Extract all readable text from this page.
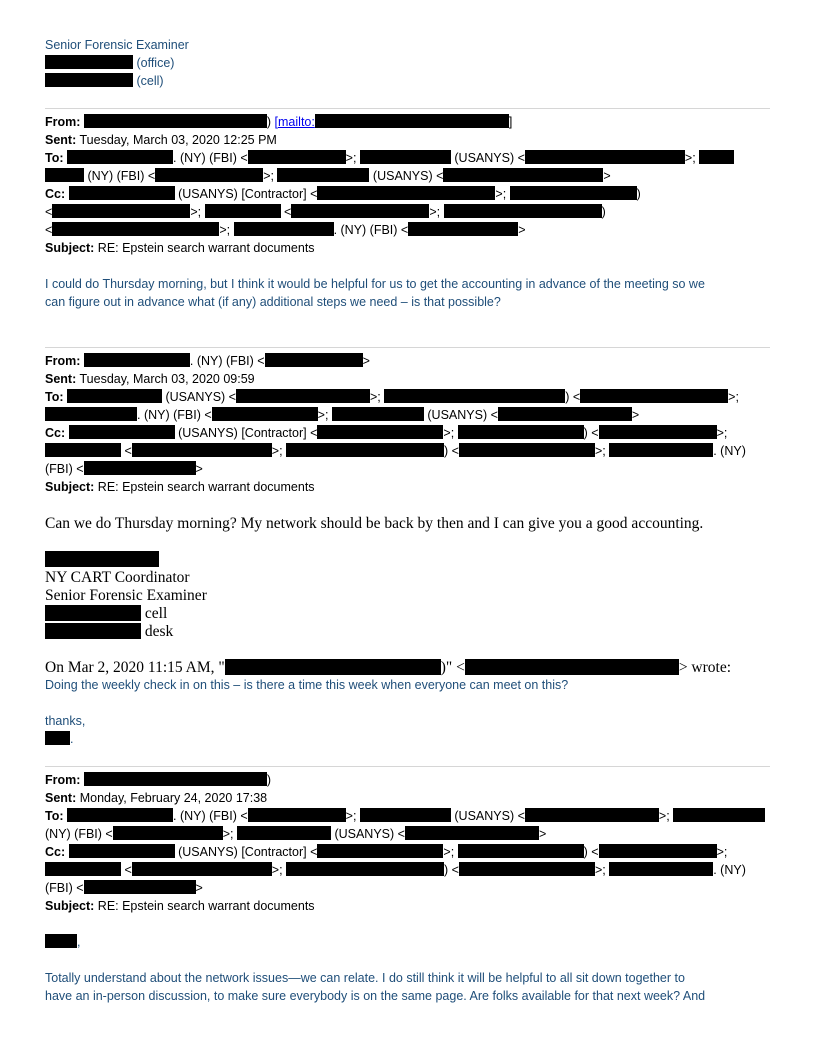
Senior Forensic Examiner
(office)
(cell)
From:	) [mailto:	]
Sent: Tuesday, March 03, 2020 12:25 PM
To:	. (NY) (FBI) <	>;	(USANYS) <	>;
(NY) (FBI) <	>;	(USANYS) <	>
Cc:	(USANYS) [Contractor] <	>;	)
<	>;	<	>;	)
<	>;	. (NY) (FBI) <	>
Subject: RE: Epstein search warrant documents
I could do Thursday morning, but I think it would be helpful for us to get the accounting in advance of the meeting so we
can figure out in advance what (if any) additional steps we need – is that possible?
From:	. (NY) (FBI) <	>
Sent: Tuesday, March 03, 2020 09:59
To:	(USANYS) <	>;	) <	>;
. (NY) (FBI) <	>;	(USANYS) <	>
Cc:	(USANYS) [Contractor] <	>;	) <	>;
<	>;	) <	>;	. (NY)
(FBI) <	>
Subject: RE: Epstein search warrant documents
Can we do Thursday morning? My network should be back by then and I can give you a good accounting.
NY CART Coordinator
Senior Forensic Examiner
cell
desk
On Mar 2, 2020 11:15 AM, "	)" <	> wrote:
Doing the weekly check in on this – is there a time this week when everyone can meet on this?
thanks,
.
From:	)
Sent: Monday, February 24, 2020 17:38
To:	. (NY) (FBI) <	>;	(USANYS) <	>;
(NY) (FBI) <	>;	(USANYS) <	>
Cc:	(USANYS) [Contractor] <	>;	) <	>;
<	>;	) <	>;	. (NY)
(FBI) <	>
Subject: RE: Epstein search warrant documents
,
Totally understand about the network issues—we can relate. I do still think it will be helpful to all sit down together to
have an in-person discussion, to make sure everybody is on the same page. Are folks available for that next week? And
